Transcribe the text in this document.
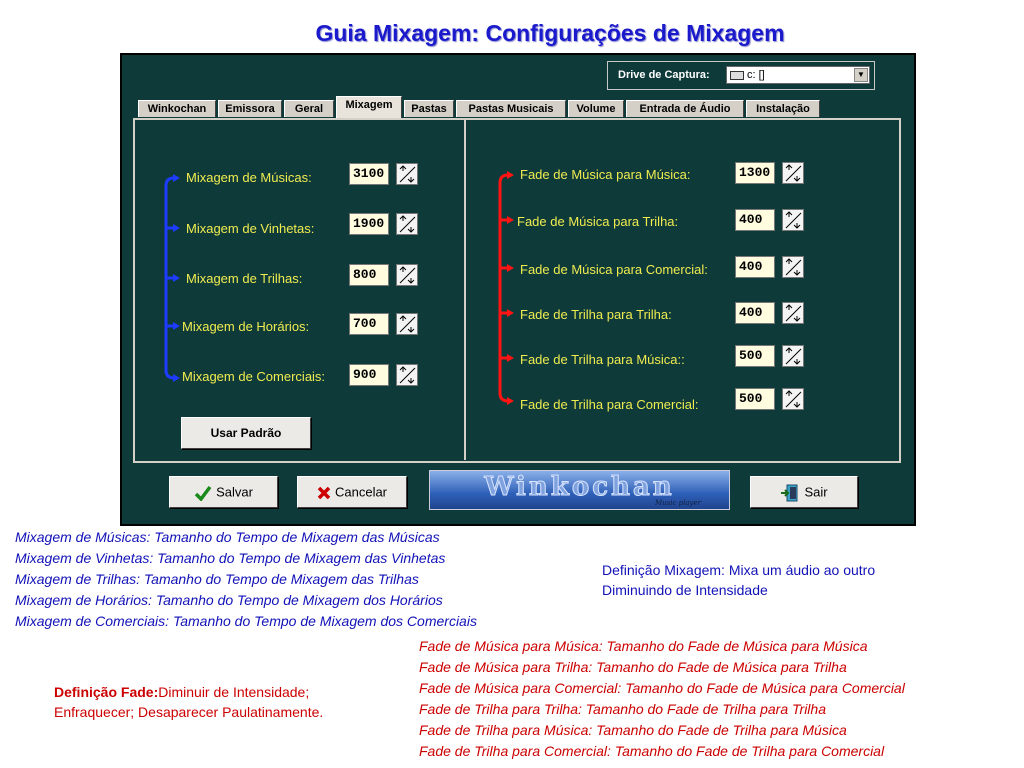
Guia Mixagem: Configurações de Mixagem
Drive de Captura:	c: []	▼
Winkochan	Emissora	Geral	Mixagem	Pastas	Pastas Musicais	Volume	Entrada de Áudio	Instalação
Mixagem de Músicas:	3100
Mixagem de Vinhetas:	1900
Mixagem de Trilhas:	800
Mixagem de Horários:	700
Mixagem de Comerciais:	900
Usar Padrão
Fade de Música para Música:	1300
Fade de Música para Trilha:	400
Fade de Música para Comercial:	400
Fade de Trilha para Trilha:	400
Fade de Trilha para Música::	500
Fade de Trilha para Comercial:	500
Salvar	Cancelar	Winkochan
Music player
Sair
Mixagem de Músicas: Tamanho do Tempo de Mixagem das Músicas
Mixagem de Vinhetas: Tamanho do Tempo de Mixagem das Vinhetas
Mixagem de Trilhas: Tamanho do Tempo de Mixagem das Trilhas
Mixagem de Horários: Tamanho do Tempo de Mixagem dos Horários
Mixagem de Comerciais: Tamanho do Tempo de Mixagem dos Comerciais
Definição Mixagem: Mixa um áudio ao outro
Diminuindo de Intensidade
Fade de Música para Música: Tamanho do Fade de Música para Música
Fade de Música para Trilha: Tamanho do Fade de Música para Trilha
Fade de Música para Comercial: Tamanho do Fade de Música para Comercial
Fade de Trilha para Trilha: Tamanho do Fade de Trilha para Trilha
Fade de Trilha para Música: Tamanho do Fade de Trilha para Música
Fade de Trilha para Comercial: Tamanho do Fade de Trilha para Comercial
Definição Fade:Diminuir de Intensidade;
Enfraquecer; Desaparecer Paulatinamente.
